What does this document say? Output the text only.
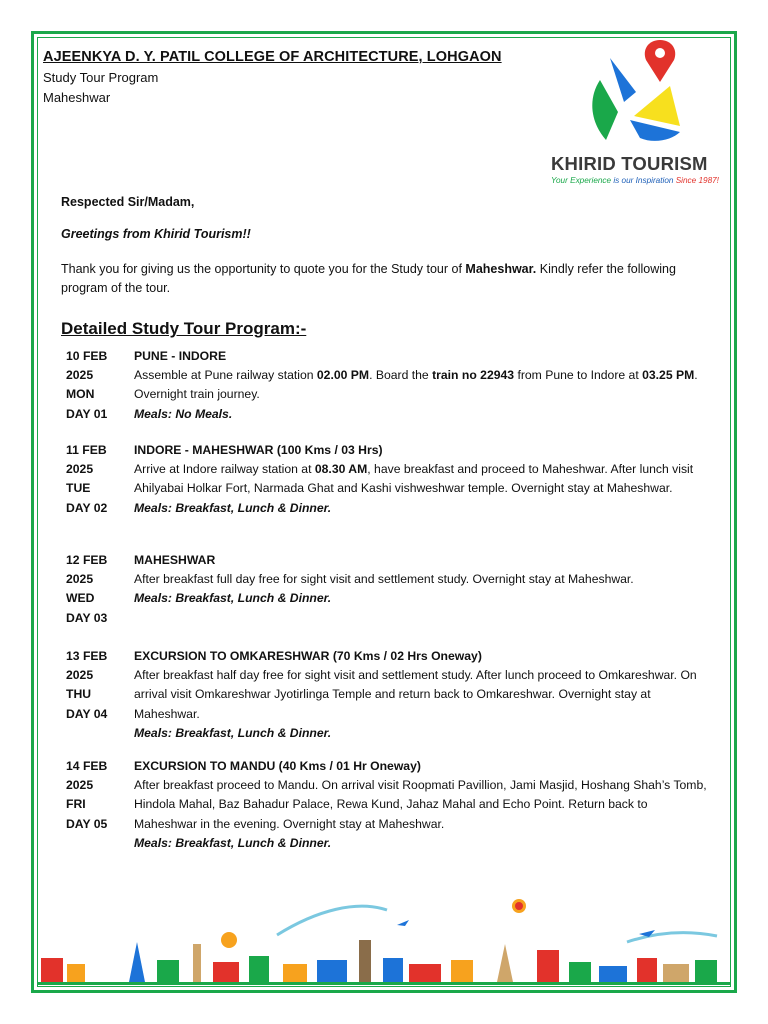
AJEENKYA D. Y. PATIL COLLEGE OF ARCHITECTURE, LOHGAON
Study Tour Program
Maheshwar
KHIRID TOURISM
Your Experience is our Inspiration Since 1987!
Respected Sir/Madam,
Greetings from Khirid Tourism!!
Thank you for giving us the opportunity to quote you for the Study tour of Maheshwar. Kindly refer the following program of the tour.
Detailed Study Tour Program:-
10 FEB
2025
MON
DAY 01
PUNE - INDORE
Assemble at Pune railway station 02.00 PM. Board the train no 22943 from Pune to Indore at 03.25 PM. Overnight train journey.
Meals: No Meals.
11 FEB
2025
TUE
DAY 02
INDORE - MAHESHWAR (100 Kms / 03 Hrs)
Arrive at Indore railway station at 08.30 AM, have breakfast and proceed to Maheshwar. After lunch visit Ahilyabai Holkar Fort, Narmada Ghat and Kashi vishweshwar temple. Overnight stay at Maheshwar.
Meals: Breakfast, Lunch & Dinner.
12 FEB
2025
WED
DAY 03
MAHESHWAR
After breakfast full day free for sight visit and settlement study. Overnight stay at Maheshwar.
Meals: Breakfast, Lunch & Dinner.
13 FEB
2025
THU
DAY 04
EXCURSION TO OMKARESHWAR (70 Kms / 02 Hrs Oneway)
After breakfast half day free for sight visit and settlement study. After lunch proceed to Omkareshwar. On arrival visit Omkareshwar Jyotirlinga Temple and return back to Omkareshwar. Overnight stay at Maheshwar.
Meals: Breakfast, Lunch & Dinner.
14 FEB
2025
FRI
DAY 05
EXCURSION TO MANDU (40 Kms / 01 Hr Oneway)
After breakfast proceed to Mandu. On arrival visit Roopmati Pavillion, Jami Masjid, Hoshang Shah’s Tomb, Hindola Mahal, Baz Bahadur Palace, Rewa Kund, Jahaz Mahal and Echo Point. Return back to Maheshwar in the evening. Overnight stay at Maheshwar.
Meals: Breakfast, Lunch & Dinner.
